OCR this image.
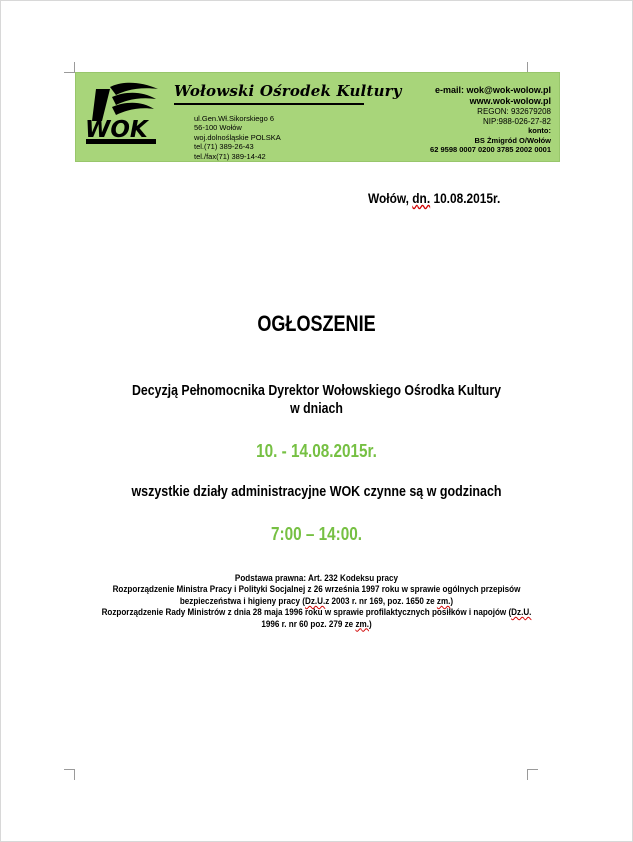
WOK
Wołowski Ośrodek Kultury
ul.Gen.Wł.Sikorskiego 6
56-100 Wołów
woj.dolnośląskie POLSKA
tel.(71) 389-26-43
tel./fax(71) 389-14-42
e-mail: wok@wok-wolow.pl
www.wok-wolow.pl
REGON: 932679208
NIP:988-026-27-82
konto:
BS Żmigród O/Wołów
62 9598 0007 0200 3785 2002 0001
Wołów, dn. 10.08.2015r.
OGŁOSZENIE
Decyzją Pełnomocnika Dyrektor Wołowskiego Ośrodka Kultury
w dniach
10. - 14.08.2015r.
wszystkie działy administracyjne WOK czynne są w godzinach
7:00 – 14:00.
Podstawa prawna: Art. 232 Kodeksu pracy
Rozporządzenie Ministra Pracy i Polityki Socjalnej z 26 września 1997 roku w sprawie ogólnych przepisów
bezpieczeństwa i higieny pracy (Dz.U.z 2003 r. nr 169, poz. 1650 ze zm.)
Rozporządzenie Rady Ministrów z dnia 28 maja 1996 roku w sprawie profilaktycznych posiłków i napojów (Dz.U.
1996 r. nr 60 poz. 279 ze zm.)
